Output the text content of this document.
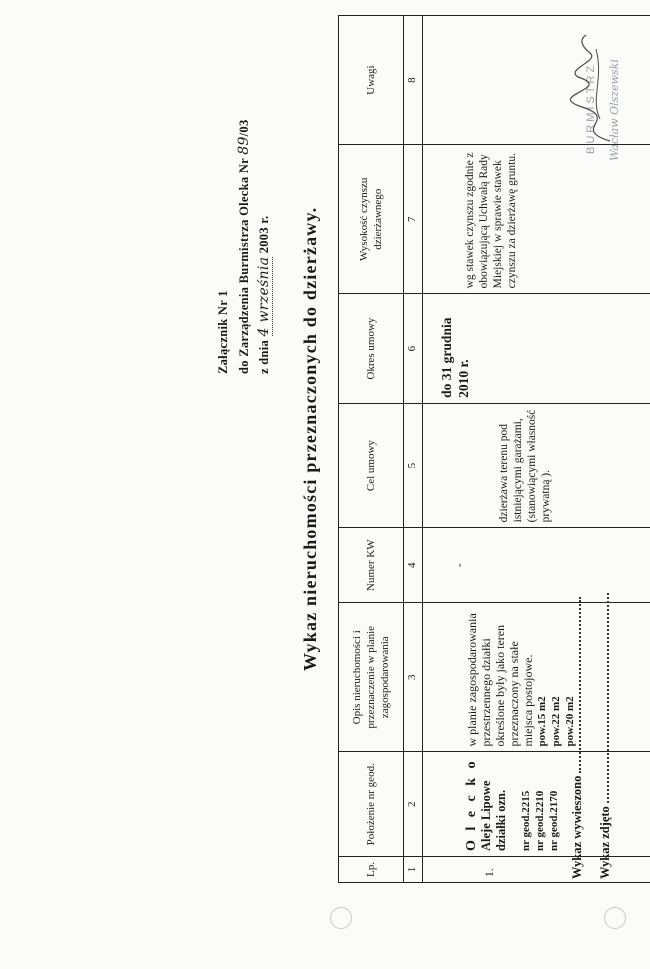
Załącznik Nr 1 do Zarządzenia Burmistrza Olecka Nr 89/03
z dnia 4 września 2003 r. Wykaz nieruchomości przeznaczonych do dzierżawy.
Lp.	Położenie nr geod.	Opis nieruchomości i przeznaczenie w planie zagospodarowania	Numer KW	Cel umowy	Okres umowy	Wysokość czynszu dzierżawnego	Uwagi
1	2	3	4	5	6	7	8
1.	O l e c k o Aleje Lipowe działki ozn. nr geod.2215 nr geod.2210 nr geod.2170	w planie zagospodarowania przestrzennego działki określone były jako teren przeznaczony na stałe miejsca postojowe. pow.15 m2 pow.22 m2 pow.20 m2	-	dzierżawa terenu pod istniejącymi garażami, (stanowiącymi własność prywatną ).	do 31 grudnia 2010 r.	wg stawek czynszu zgodnie z obowiązującą Uchwałą Rady Miejskiej w sprawie stawek czynszu za dzierżawę gruntu.	

Wykaz wywieszono Wykaz zdjęto
BURMISTRZ Wacław Olszewski
